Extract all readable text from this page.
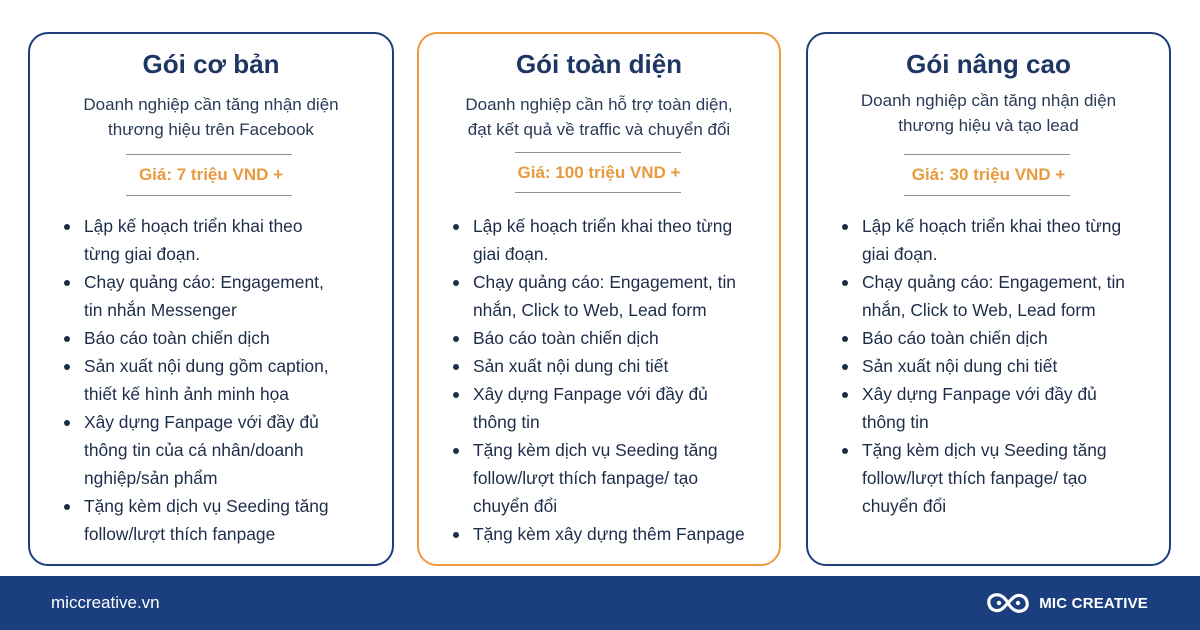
Gói cơ bản
Doanh nghiệp cần tăng nhận diện
thương hiệu trên Facebook
Giá: 7 triệu VND +
Lập kế hoạch triển khai theo
từng giai đoạn.
Chạy quảng cáo: Engagement,
tin nhắn Messenger
Báo cáo toàn chiến dịch
Sản xuất nội dung gồm caption,
thiết kế hình ảnh minh họa
Xây dựng Fanpage với đầy đủ
thông tin của cá nhân/doanh
nghiệp/sản phẩm
Tặng kèm dịch vụ Seeding tăng
follow/lượt thích fanpage
Gói toàn diện
Doanh nghiệp cần hỗ trợ toàn diện,
đạt kết quả về traffic và chuyển đổi
Giá: 100 triệu VND +
Lập kế hoạch triển khai theo từng
giai đoạn.
Chạy quảng cáo: Engagement, tin
nhắn, Click to Web, Lead form
Báo cáo toàn chiến dịch
Sản xuất nội dung chi tiết
Xây dựng Fanpage với đầy đủ
thông tin
Tặng kèm dịch vụ Seeding tăng
follow/lượt thích fanpage/ tạo
chuyển đổi
Tặng kèm xây dựng thêm Fanpage
Gói nâng cao
Doanh nghiệp cần tăng nhận diện
thương hiệu và tạo lead
Giá: 30 triệu VND +
Lập kế hoạch triển khai theo từng
giai đoạn.
Chạy quảng cáo: Engagement, tin
nhắn, Click to Web, Lead form
Báo cáo toàn chiến dịch
Sản xuất nội dung chi tiết
Xây dựng Fanpage với đầy đủ
thông tin
Tặng kèm dịch vụ Seeding tăng
follow/lượt thích fanpage/ tạo
chuyển đổi
miccreative.vn	MIC CREATIVE
